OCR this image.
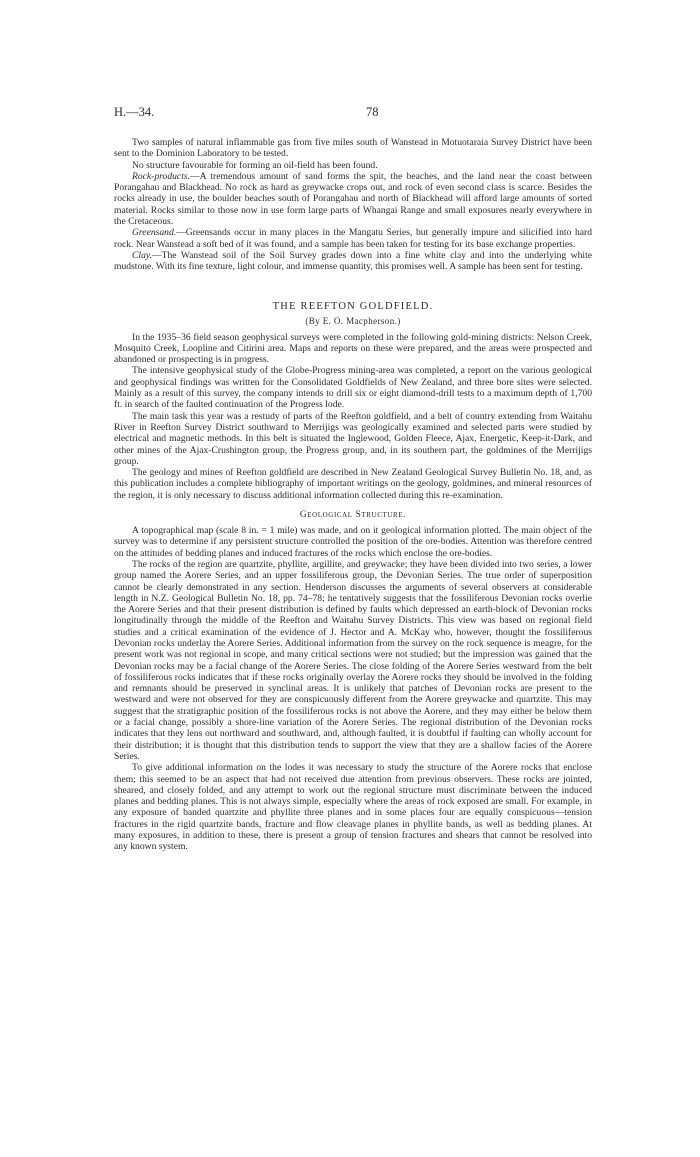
H.—34.	78

Two samples of natural inflammable gas from five miles south of Wanstead in Motuotaraia Survey District have been sent to the Dominion Laboratory to be tested.

No structure favourable for forming an oil-field has been found.

Rock-products.—A tremendous amount of sand forms the spit, the beaches, and the land near the coast between Porangahau and Blackhead. No rock as hard as greywacke crops out, and rock of even second class is scarce. Besides the rocks already in use, the boulder beaches south of Porangahau and north of Blackhead will afford large amounts of sorted material. Rocks similar to those now in use form large parts of Whangai Range and small exposures nearly everywhere in the Cretaceous.

Greensand.—Greensands occur in many places in the Mangatu Series, but generally impure and silicified into hard rock. Near Wanstead a soft bed of it was found, and a sample has been taken for testing for its base exchange properties.

Clay.—The Wanstead soil of the Soil Survey grades down into a fine white clay and into the underlying white mudstone. With its fine texture, light colour, and immense quantity, this promises well. A sample has been sent for testing.

THE REEFTON GOLDFIELD.
(By E. O. Macpherson.)

In the 1935–36 field season geophysical surveys were completed in the following gold-mining districts: Nelson Creek, Mosquito Creek, Loopline and Citirini area. Maps and reports on these were prepared, and the areas were prospected and abandoned or prospecting is in progress.

The intensive geophysical study of the Globe-Progress mining-area was completed, a report on the various geological and geophysical findings was written for the Consolidated Goldfields of New Zealand, and three bore sites were selected. Mainly as a result of this survey, the company intends to drill six or eight diamond-drill tests to a maximum depth of 1,700 ft. in search of the faulted continuation of the Progress lode.

The main task this year was a restudy of parts of the Reefton goldfield, and a belt of country extending from Waitahu River in Reefton Survey District southward to Merrijigs was geologically examined and selected parts were studied by electrical and magnetic methods. In this belt is situated the Inglewood, Golden Fleece, Ajax, Energetic, Keep-it-Dark, and other mines of the Ajax-Crushington group, the Progress group, and, in its southern part, the goldmines of the Merrijigs group.

The geology and mines of Reefton goldfield are described in New Zealand Geological Survey Bulletin No. 18, and, as this publication includes a complete bibliography of important writings on the geology, goldmines, and mineral resources of the region, it is only necessary to discuss additional information collected during this re-examination.

Geological Structure.

A topographical map (scale 8 in. = 1 mile) was made, and on it geological information plotted. The main object of the survey was to determine if any persistent structure controlled the position of the ore-bodies. Attention was therefore centred on the attitudes of bedding planes and induced fractures of the rocks which enclose the ore-bodies.

The rocks of the region are quartzite, phyllite, argillite, and greywacke; they have been divided into two series, a lower group named the Aorere Series, and an upper fossiliferous group, the Devonian Series. The true order of superposition cannot be clearly demonstrated in any section. Henderson discusses the arguments of several observers at considerable length in N.Z. Geological Bulletin No. 18, pp. 74–78; he tentatively suggests that the fossiliferous Devonian rocks overlie the Aorere Series and that their present distribution is defined by faults which depressed an earth-block of Devonian rocks longitudinally through the middle of the Reefton and Waitahu Survey Districts. This view was based on regional field studies and a critical examination of the evidence of J. Hector and A. McKay who, however, thought the fossiliferous Devonian rocks underlay the Aorere Series. Additional information from the survey on the rock sequence is meagre, for the present work was not regional in scope, and many critical sections were not studied; but the impression was gained that the Devonian rocks may be a facial change of the Aorere Series. The close folding of the Aorere Series westward from the belt of fossiliferous rocks indicates that if these rocks originally overlay the Aorere rocks they should be involved in the folding and remnants should be preserved in synclinal areas. It is unlikely that patches of Devonian rocks are present to the westward and were not observed for they are conspicuously different from the Aorere greywacke and quartzite. This may suggest that the stratigraphic position of the fossiliferous rocks is not above the Aorere, and they may either be below them or a facial change, possibly a shore-line variation of the Aorere Series. The regional distribution of the Devonian rocks indicates that they lens out northward and southward, and, although faulted, it is doubtful if faulting can wholly account for their distribution; it is thought that this distribution tends to support the view that they are a shallow facies of the Aorere Series.

To give additional information on the lodes it was necessary to study the structure of the Aorere rocks that enclose them; this seemed to be an aspect that had not received due attention from previous observers. These rocks are jointed, sheared, and closely folded, and any attempt to work out the regional structure must discriminate between the induced planes and bedding planes. This is not always simple, especially where the areas of rock exposed are small. For example, in any exposure of banded quartzite and phyllite three planes and in some places four are equally conspicuous—tension fractures in the rigid quartzite bands, fracture and flow cleavage planes in phyllite bands, as well as bedding planes. At many exposures, in addition to these, there is present a group of tension fractures and shears that cannot be resolved into any known system.
